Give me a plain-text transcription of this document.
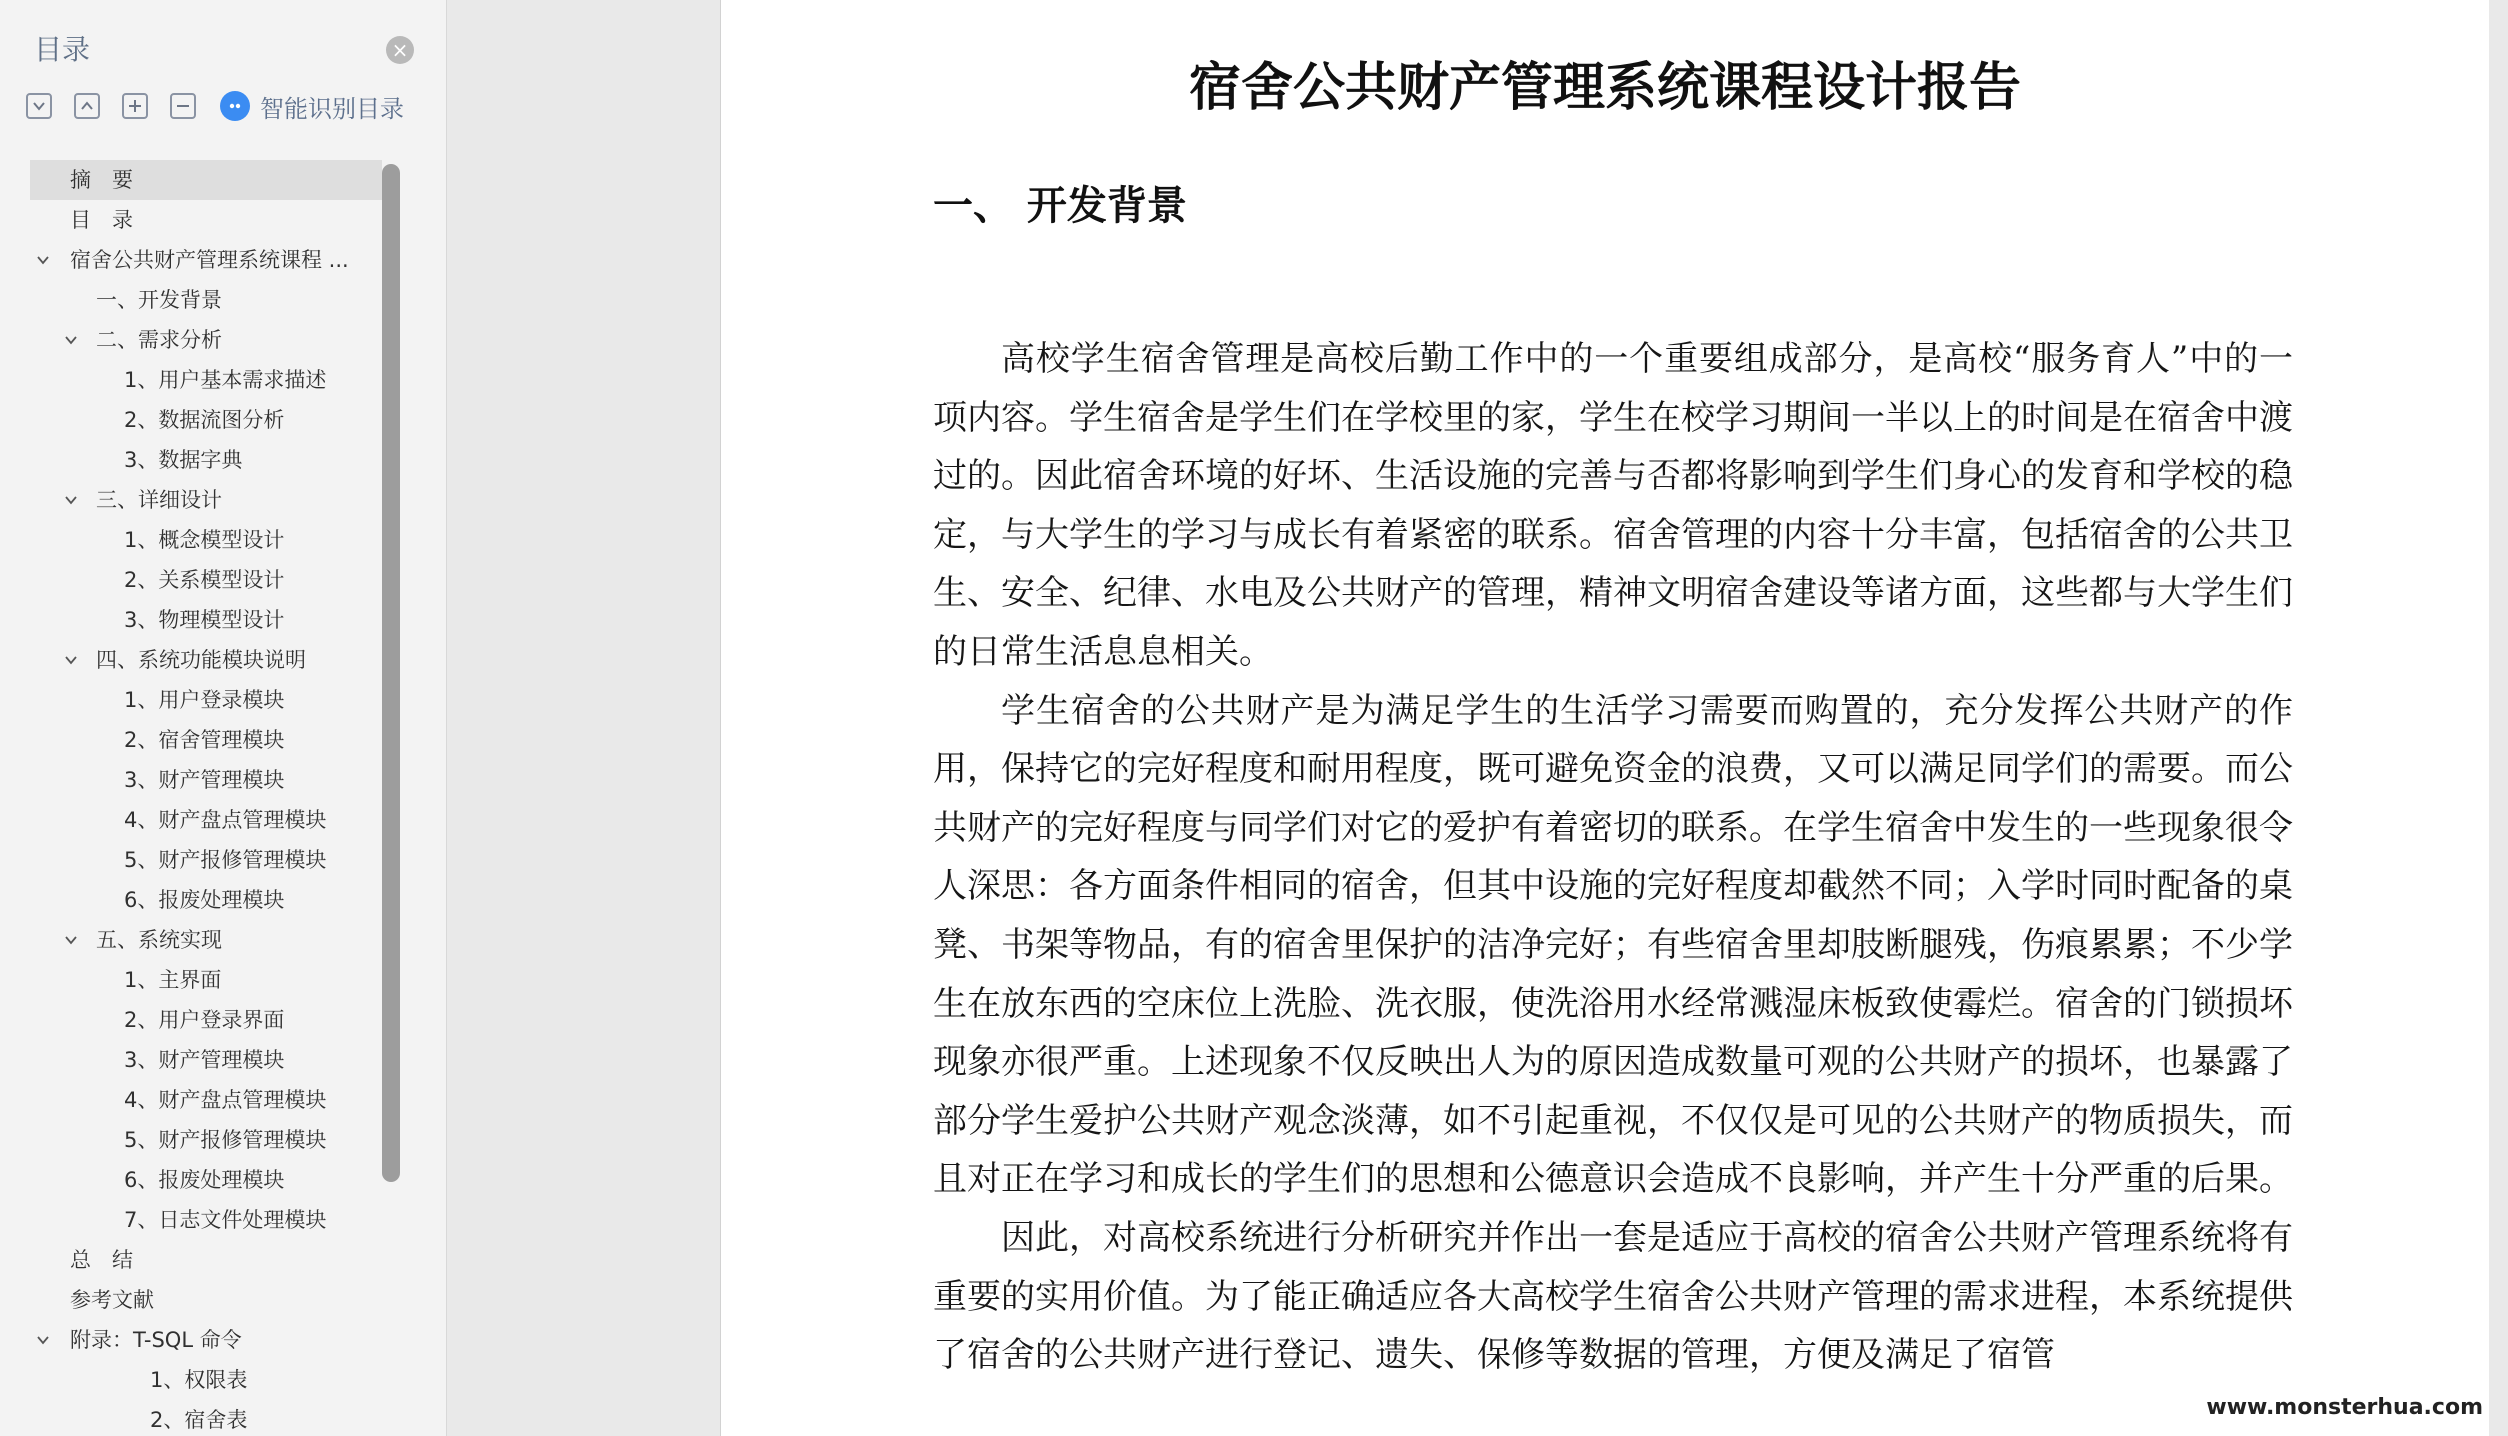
目录	×
智能识别目录
摘　要
目　录
宿舍公共财产管理系统课程 ...
一、开发背景
二、需求分析
1、用户基本需求描述
2、数据流图分析
3、数据字典
三、详细设计
1、概念模型设计
2、关系模型设计
3、物理模型设计
四、系统功能模块说明
1、用户登录模块
2、宿舍管理模块
3、财产管理模块
4、财产盘点管理模块
5、财产报修管理模块
6、报废处理模块
五、系统实现
1、主界面
2、用户登录界面
3、财产管理模块
4、财产盘点管理模块
5、财产报修管理模块
6、报废处理模块
7、日志文件处理模块
总　结
参考文献
附录：T-SQL 命令
1、权限表
2、宿舍表
宿舍公共财产管理系统课程设计报告
一、 开发背景

高校学生宿舍管理是高校后勤工作中的一个重要组成部分，是高校“服务育人”中的一项内容。学生宿舍是学生们在学校里的家，学生在校学习期间一半以上的时间是在宿舍中渡过的。因此宿舍环境的好坏、生活设施的完善与否都将影响到学生们身心的发育和学校的稳定，与大学生的学习与成长有着紧密的联系。宿舍管理的内容十分丰富，包括宿舍的公共卫生、安全、纪律、水电及公共财产的管理，精神文明宿舍建设等诸方面，这些都与大学生们的日常生活息息相关。

学生宿舍的公共财产是为满足学生的生活学习需要而购置的，充分发挥公共财产的作用，保持它的完好程度和耐用程度，既可避免资金的浪费，又可以满足同学们的需要。而公共财产的完好程度与同学们对它的爱护有着密切的联系。在学生宿舍中发生的一些现象很令人深思：各方面条件相同的宿舍，但其中设施的完好程度却截然不同；入学时同时配备的桌凳、书架等物品，有的宿舍里保护的洁净完好；有些宿舍里却肢断腿残，伤痕累累；不少学生在放东西的空床位上洗脸、洗衣服，使洗浴用水经常溅湿床板致使霉烂。宿舍的门锁损坏现象亦很严重。上述现象不仅反映出人为的原因造成数量可观的公共财产的损坏，也暴露了部分学生爱护公共财产观念淡薄，如不引起重视，不仅仅是可见的公共财产的物质损失，而且对正在学习和成长的学生们的思想和公德意识会造成不良影响，并产生十分严重的后果。

因此，对高校系统进行分析研究并作出一套是适应于高校的宿舍公共财产管理系统将有重要的实用价值。为了能正确适应各大高校学生宿舍公共财产管理的需求进程，本系统提供了宿舍的公共财产进行登记、遗失、保修等数据的管理，方便及满足了宿管

www.monsterhua.com
